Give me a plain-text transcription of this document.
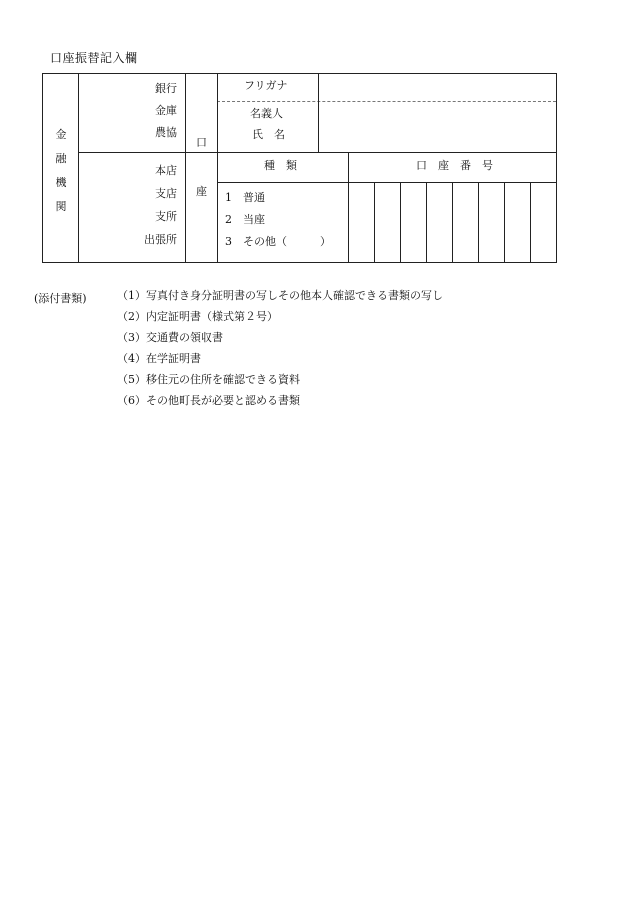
口座振替記入欄
金
融
機
関
銀行
金庫
農協
本店
支店
支所
出張所
口
座
フリガナ
名義人
氏　名
種　類
1　 普通
2　 当座
3　 その他（　　　）
口　座　番　号
(添付書類)	（1）写真付き身分証明書の写しその他本人確認できる書類の写し
（2）内定証明書（様式第２号）
（3）交通費の領収書
（4）在学証明書
（5）移住元の住所を確認できる資料
（6）その他町長が必要と認める書類
